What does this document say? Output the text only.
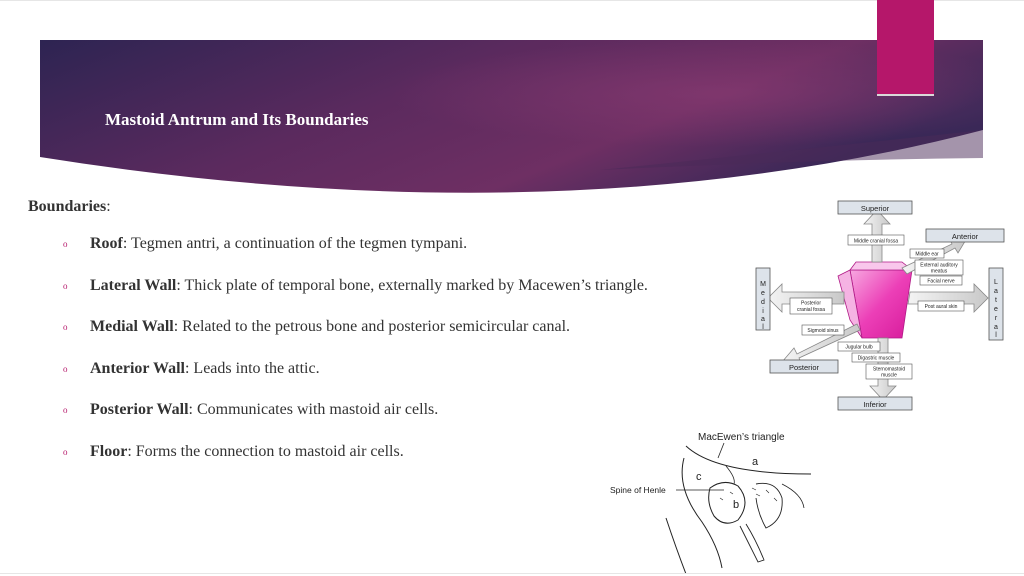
Mastoid Antrum and Its Boundaries
Boundaries:
o	Roof: Tegmen antri, a continuation of the tegmen tympani.
o	Lateral Wall: Thick plate of temporal bone, externally marked by Macewen’s triangle.
o	Medial Wall: Related to the petrous bone and posterior semicircular canal.
o	Anterior Wall: Leads into the attic.
o	Posterior Wall: Communicates with mastoid air cells.
o	Floor: Forms the connection to mastoid air cells.
Superior
Anterior
Posterior
Inferior
M
e
d
i
a
l
L
a
t
e
r
a
l
Middle cranial fossa
Middle ear
External auditory
meatus
Facial nerve
Posterior
cranial fossa	Post aural skin
Sigmoid sinus
Jugular bulb
Digastric muscle
Sternomastoid
muscle
MacEwen’s triangle
a
c
Spine of Henle
b
